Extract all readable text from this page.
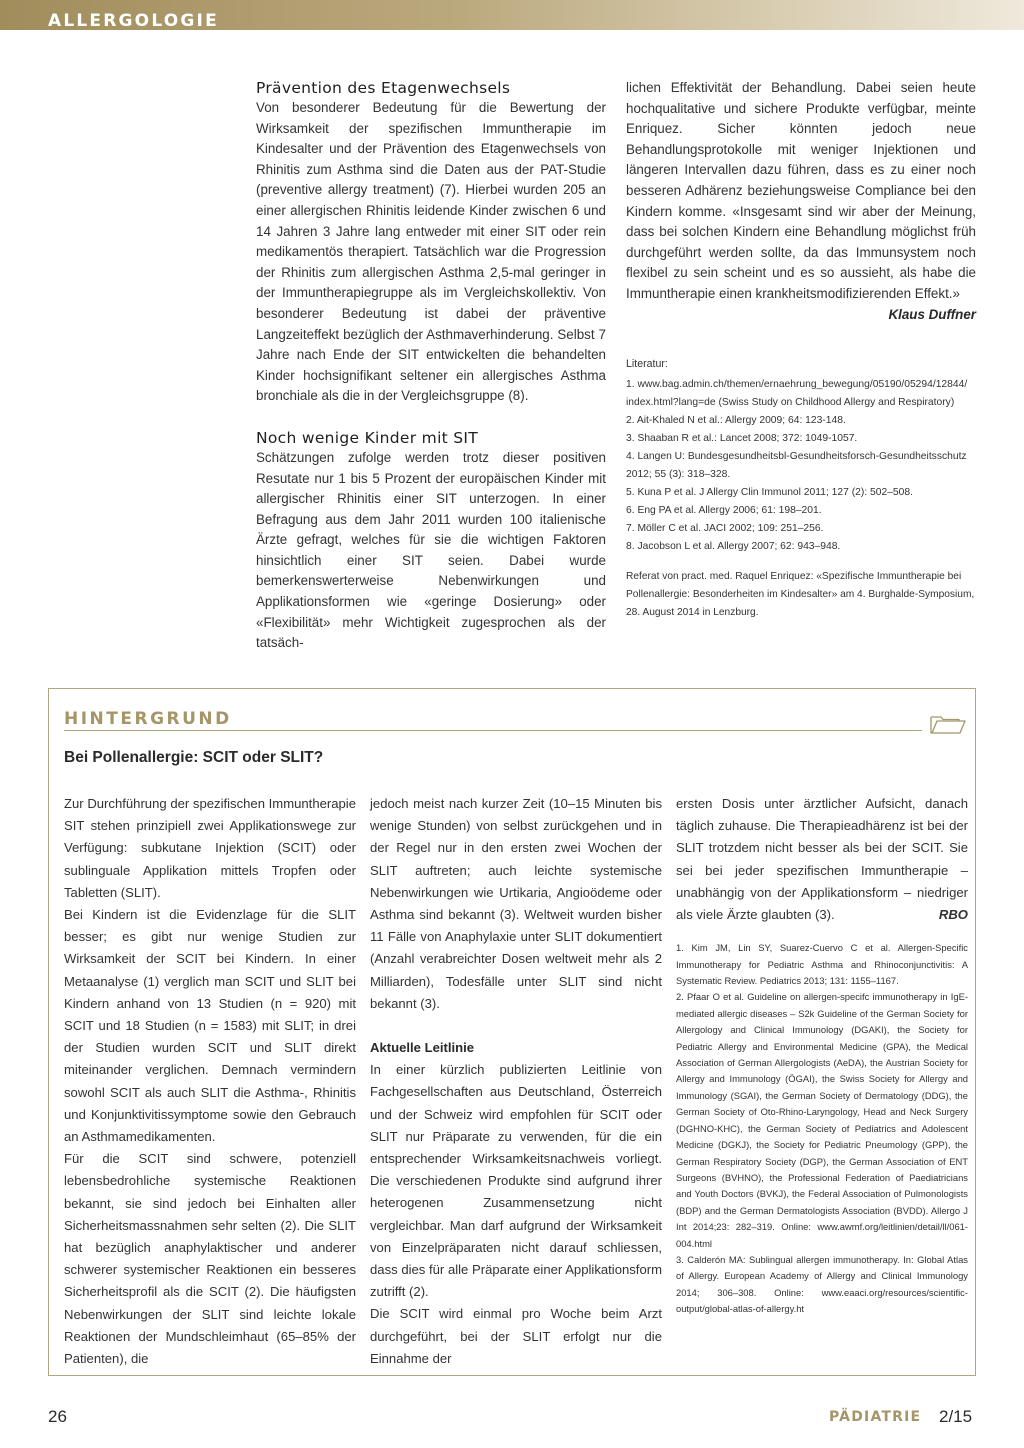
ALLERGOLOGIE
Prävention des Etagenwechsels

Von besonderer Bedeutung für die Bewertung der Wirksamkeit der spezifischen Immuntherapie im Kindesalter und der Prävention des Etagenwechsels von Rhinitis zum Asthma sind die Daten aus der PAT-Studie (preventive allergy treatment) (7). Hierbei wurden 205 an einer allergischen Rhinitis leidende Kinder zwischen 6 und 14 Jahren 3 Jahre lang entweder mit einer SIT oder rein medikamentös therapiert. Tatsächlich war die Progression der Rhinitis zum allergischen Asthma 2,5-mal geringer in der Immuntherapiegruppe als im Vergleichskollektiv. Von besonderer Bedeutung ist dabei der präventive Langzeiteffekt bezüglich der Asthmaverhinderung. Selbst 7 Jahre nach Ende der SIT entwickelten die behandelten Kinder hochsignifikant seltener ein allergisches Asthma bronchiale als die in der Vergleichsgruppe (8).

Noch wenige Kinder mit SIT

Schätzungen zufolge werden trotz dieser positiven Resutate nur 1 bis 5 Prozent der europäischen Kinder mit allergischer Rhinitis einer SIT unterzogen. In einer Befragung aus dem Jahr 2011 wurden 100 italienische Ärzte gefragt, welches für sie die wichtigen Faktoren hinsichtlich einer SIT seien. Dabei wurde bemerkenswerterweise Nebenwirkungen und Applikationsformen wie «geringe Dosierung» oder «Flexibilität» mehr Wichtigkeit zugesprochen als der tatsäch-

lichen Effektivität der Behandlung. Dabei seien heute hochqualitative und sichere Produkte verfügbar, meinte Enriquez. Sicher könnten jedoch neue Behandlungsprotokolle mit weniger Injektionen und längeren Intervallen dazu führen, dass es zu einer noch besseren Adhärenz beziehungsweise Compliance bei den Kindern komme. «Insgesamt sind wir aber der Meinung, dass bei solchen Kindern eine Behandlung möglichst früh durchgeführt werden sollte, da das Immunsystem noch flexibel zu sein scheint und es so aussieht, als habe die Immuntherapie einen krankheitsmodifizierenden Effekt.»

Klaus Duffner
Literatur:
1. www.bag.admin.ch/themen/ernaehrung_bewegung/05190/05294/12844/ index.html?lang=de (Swiss Study on Childhood Allergy and Respiratory)
2. Ait-Khaled N et al.: Allergy 2009; 64: 123-148.
3. Shaaban R et al.: Lancet 2008; 372: 1049-1057.
4. Langen U: Bundesgesundheitsbl-Gesundheitsforsch-Gesundheitsschutz 2012; 55 (3): 318–328.
5. Kuna P et al. J Allergy Clin Immunol 2011; 127 (2): 502–508.
6. Eng PA et al. Allergy 2006; 61: 198–201.
7. Möller C et al. JACI 2002; 109: 251–256.
8. Jacobson L et al. Allergy 2007; 62: 943–948.
Referat von pract. med. Raquel Enriquez: «Spezifische Immuntherapie bei Pollenallergie: Besonderheiten im Kindesalter» am 4. Burghalde-Symposium, 28. August 2014 in Lenzburg.
HINTERGRUND
Bei Pollenallergie: SCIT oder SLIT?

Zur Durchführung der spezifischen Immuntherapie SIT stehen prinzipiell zwei Applikationswege zur Verfügung: subkutane Injektion (SCIT) oder sublinguale Applikation mittels Tropfen oder Tabletten (SLIT).

Bei Kindern ist die Evidenzlage für die SLIT besser; es gibt nur wenige Studien zur Wirksamkeit der SCIT bei Kindern. In einer Metaanalyse (1) verglich man SCIT und SLIT bei Kindern anhand von 13 Studien (n = 920) mit SCIT und 18 Studien (n = 1583) mit SLIT; in drei der Studien wurden SCIT und SLIT direkt miteinander verglichen. Demnach vermindern sowohl SCIT als auch SLIT die Asthma-, Rhinitis und Konjunktivitissymptome sowie den Gebrauch an Asthmamedikamenten.

Für die SCIT sind schwere, potenziell lebensbedrohliche systemische Reaktionen bekannt, sie sind jedoch bei Einhalten aller Sicherheitsmassnahmen sehr selten (2). Die SLIT hat bezüglich anaphylaktischer und anderer schwerer systemischer Reaktionen ein besseres Sicherheitsprofil als die SCIT (2). Die häufigsten Nebenwirkungen der SLIT sind leichte lokale Reaktionen der Mundschleimhaut (65–85% der Patienten), die

jedoch meist nach kurzer Zeit (10–15 Minuten bis wenige Stunden) von selbst zurückgehen und in der Regel nur in den ersten zwei Wochen der SLIT auftreten; auch leichte systemische Nebenwirkungen wie Urtikaria, Angioödeme oder Asthma sind bekannt (3). Weltweit wurden bisher 11 Fälle von Anaphylaxie unter SLIT dokumentiert (Anzahl verabreichter Dosen weltweit mehr als 2 Milliarden), Todesfälle unter SLIT sind nicht bekannt (3).

Aktuelle Leitlinie

In einer kürzlich publizierten Leitlinie von Fachgesellschaften aus Deutschland, Österreich und der Schweiz wird empfohlen für SCIT oder SLIT nur Präparate zu verwenden, für die ein entsprechender Wirksamkeitsnachweis vorliegt. Die verschiedenen Produkte sind aufgrund ihrer heterogenen Zusammensetzung nicht vergleichbar. Man darf aufgrund der Wirksamkeit von Einzelpräparaten nicht darauf schliessen, dass dies für alle Präparate einer Applikationsform zutrifft (2).

Die SCIT wird einmal pro Woche beim Arzt durchgeführt, bei der SLIT erfolgt nur die Einnahme der

ersten Dosis unter ärztlicher Aufsicht, danach täglich zuhause. Die Therapieadhärenz ist bei der SLIT trotzdem nicht besser als bei der SCIT. Sie sei bei jeder spezifischen Immuntherapie – unabhängig von der Applikationsform – niedriger als viele Ärzte glaubten (3).	RBO

1. Kim JM, Lin SY, Suarez-Cuervo C et al. Allergen-Specific Immunotherapy for Pediatric Asthma and Rhinoconjunctivitis: A Systematic Review. Pediatrics 2013; 131: 1155–1167.

2. Pfaar O et al. Guideline on allergen-specifc immunotherapy in IgE- mediated allergic diseases – S2k Guideline of the German Society for Allergology and Clinical Immunology (DGAKI), the Society for Pediatric Allergy and Environmental Medicine (GPA), the Medical Association of German Allergologists (AeDA), the Austrian Society for Allergy and Immunology (ÖGAI), the Swiss Society for Allergy and Immunology (SGAI), the German Society of Dermatology (DDG), the German Society of Oto-Rhino-Laryngology, Head and Neck Surgery (DGHNO-KHC), the German Society of Pediatrics and Adolescent Medicine (DGKJ), the Society for Pediatric Pneumology (GPP), the German Respiratory Society (DGP), the German Association of ENT Surgeons (BVHNO), the Professional Federation of Paediatricians and Youth Doctors (BVKJ), the Federal Association of Pulmonologists (BDP) and the German Dermatologists Association (BVDD). Allergo J Int 2014;23: 282–319. Online: www.awmf.org/leitlinien/detail/ll/061-004.html

3. Calderón MA: Sublingual allergen immunotherapy. In: Global Atlas of Allergy. European Academy of Allergy and Clinical Immunology 2014; 306–308. Online: www.eaaci.org/resources/scientific-output/global-atlas-of-allergy.ht

26	PÄDIATRIE 2/15
